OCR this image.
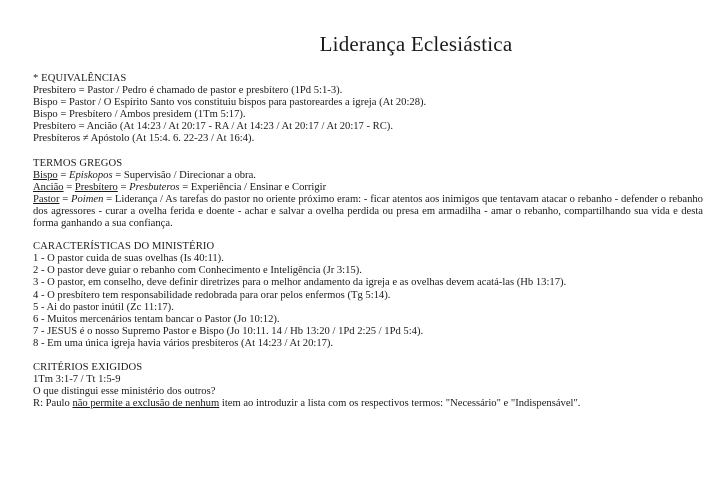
Liderança Eclesiástica
* EQUIVALÊNCIAS
Presbítero = Pastor / Pedro é chamado de pastor e presbítero (1Pd 5:1-3).
Bispo = Pastor / O Espírito Santo vos constituiu bispos para pastoreardes a igreja (At 20:28).
Bispo = Presbítero / Ambos presidem (1Tm 5:17).
Presbítero = Ancião (At 14:23 / At 20:17 - RA / At 14:23 / At 20:17 / At 20:17 - RC).
Presbíteros ≠ Apóstolo (At 15:4. 6. 22-23 / At 16:4).
TERMOS GREGOS
Bispo = Episkopos = Supervisão / Direcionar a obra.
Ancião = Presbítero = Presbuteros = Experiência / Ensinar e Corrigir
Pastor = Poimen = Liderança / As tarefas do pastor no oriente próximo eram: - ficar atentos aos inimigos que tentavam atacar o rebanho - defender o rebanho dos agressores - curar a ovelha ferida e doente - achar e salvar a ovelha perdida ou presa em armadilha - amar o rebanho, compartilhando sua vida e desta forma ganhando a sua confiança.
CARACTERÍSTICAS DO MINISTÉRIO
1 - O pastor cuida de suas ovelhas (Is 40:11).
2 - O pastor deve guiar o rebanho com Conhecimento e Inteligência (Jr 3:15).
3 - O pastor, em conselho, deve definir diretrizes para o melhor andamento da igreja e as ovelhas devem acatá-las (Hb 13:17).
4 - O presbítero tem responsabilidade redobrada para orar pelos enfermos (Tg 5:14).
5 - Ai do pastor inútil (Zc 11:17).
6 - Muitos mercenários tentam bancar o Pastor (Jo 10:12).
7 - JESUS é o nosso Supremo Pastor e Bispo (Jo 10:11. 14 / Hb 13:20 / 1Pd 2:25 / 1Pd 5:4).
8 - Em uma única igreja havia vários presbíteros (At 14:23 / At 20:17).
CRITÉRIOS EXIGIDOS
1Tm 3:1-7 / Tt 1:5-9
O que distingui esse ministério dos outros?
R: Paulo não permite a exclusão de nenhum item ao introduzir a lista com os respectivos termos: "Necessário" e "Indispensável".
